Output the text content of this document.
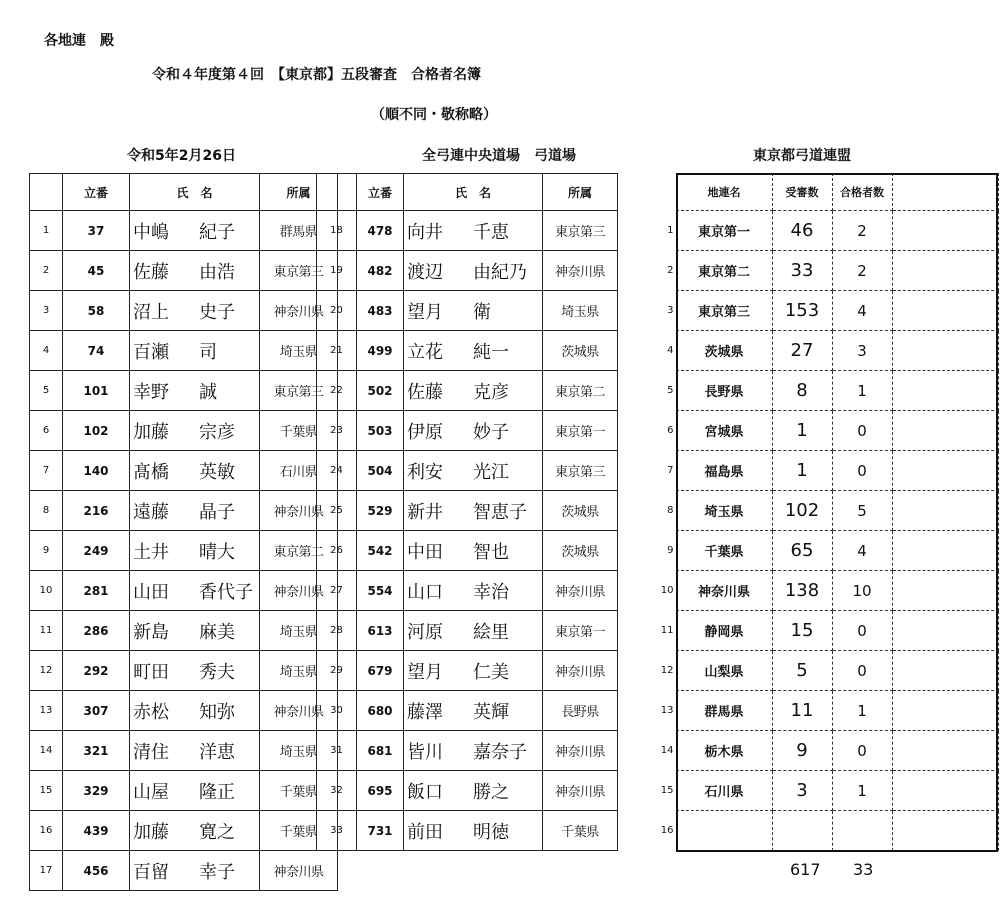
各地連　殿
令和４年度第４回　【東京都】五段審査　合格者名簿
（順不同・敬称略）
令和5年2月26日	全弓連中央道場　弓道場	東京都弓道連盟
	立番	氏　名	所属
1	37	中嶋 紀子	群馬県
2	45	佐藤 由浩	東京第三
3	58	沼上 史子	神奈川県
4	74	百瀬 司	埼玉県
5	101	幸野 誠	東京第三
6	102	加藤 宗彦	千葉県
7	140	髙橋 英敏	石川県
8	216	遠藤 晶子	神奈川県
9	249	土井 晴大	東京第二
10	281	山田 香代子	神奈川県
11	286	新島 麻美	埼玉県
12	292	町田 秀夫	埼玉県
13	307	赤松 知弥	神奈川県
14	321	清住 洋恵	埼玉県
15	329	山屋 隆正	千葉県
16	439	加藤 寛之	千葉県
17	456	百留 幸子	神奈川県
	立番	氏　名	所属
18	478	向井 千恵	東京第三
19	482	渡辺 由紀乃	神奈川県
20	483	望月 衛	埼玉県
21	499	立花 純一	茨城県
22	502	佐藤 克彦	東京第二
23	503	伊原 妙子	東京第一
24	504	利安 光江	東京第三
25	529	新井 智恵子	茨城県
26	542	中田 智也	茨城県
27	554	山口 幸治	神奈川県
28	613	河原 絵里	東京第一
29	679	望月 仁美	神奈川県
30	680	藤澤 英輝	長野県
31	681	皆川 嘉奈子	神奈川県
32	695	飯口 勝之	神奈川県
33	731	前田 明徳	千葉県
	地連名	受審数	合格者数	
1	東京第一	46	2	
2	東京第二	33	2	
3	東京第三	153	4	
4	茨城県	27	3	
5	長野県	8	1	
6	宮城県	1	0	
7	福島県	1	0	
8	埼玉県	102	5	
9	千葉県	65	4	
10	神奈川県	138	10	
11	静岡県	15	0	
12	山梨県	5	0	
13	群馬県	11	1	
14	栃木県	9	0	
15	石川県	3	1	
16				
617 33
